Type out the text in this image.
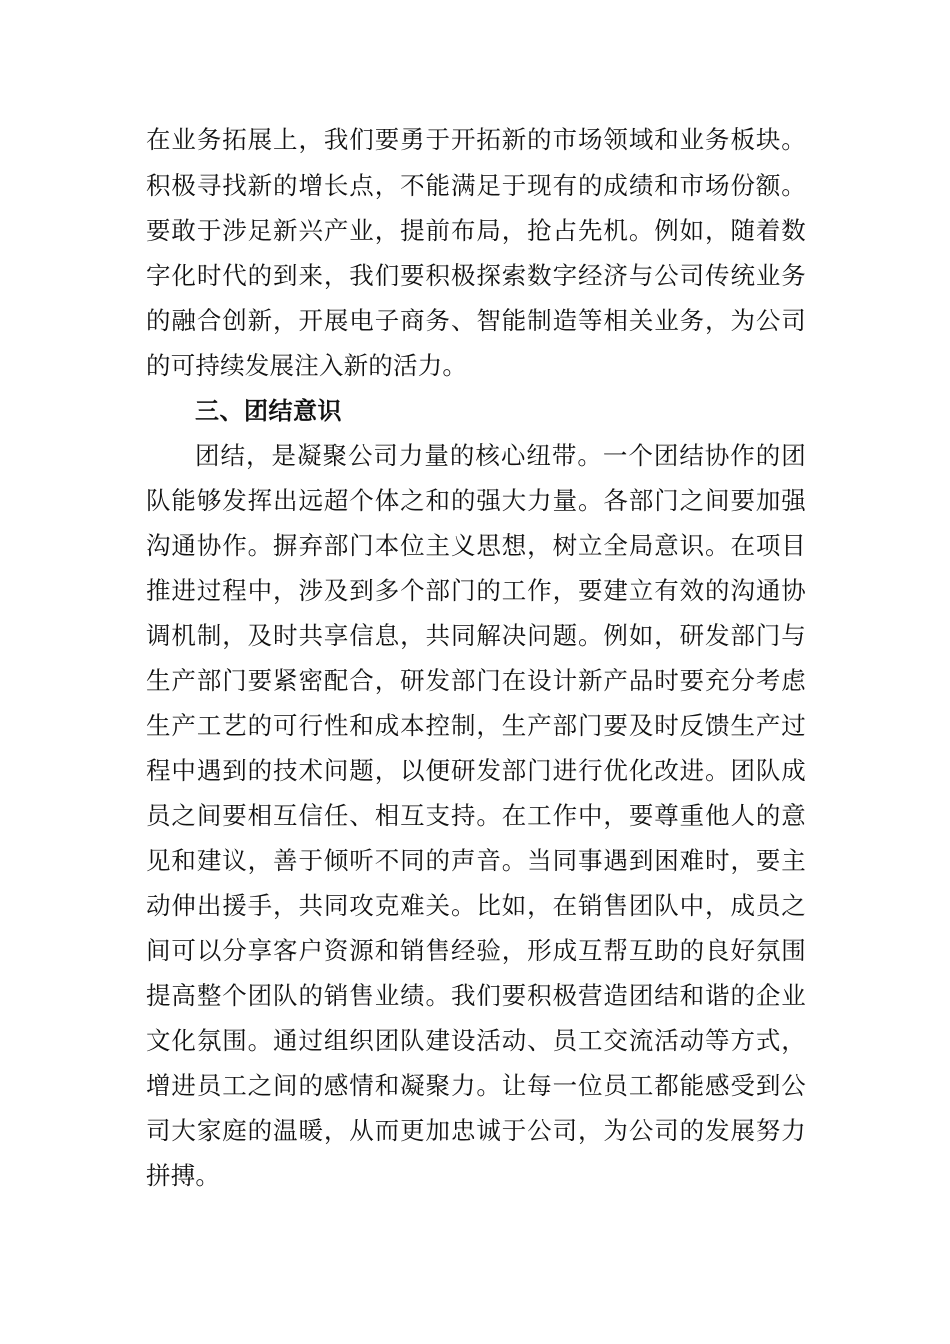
在业务拓展上，我们要勇于开拓新的市场领域和业务板块。
积极寻找新的增长点，不能满足于现有的成绩和市场份额。
要敢于涉足新兴产业，提前布局，抢占先机。例如，随着数
字化时代的到来，我们要积极探索数字经济与公司传统业务
的融合创新，开展电子商务、智能制造等相关业务，为公司
的可持续发展注入新的活力。
三、团结意识
团结，是凝聚公司力量的核心纽带。一个团结协作的团
队能够发挥出远超个体之和的强大力量。各部门之间要加强
沟通协作。摒弃部门本位主义思想，树立全局意识。在项目
推进过程中，涉及到多个部门的工作，要建立有效的沟通协
调机制，及时共享信息，共同解决问题。例如，研发部门与
生产部门要紧密配合，研发部门在设计新产品时要充分考虑
生产工艺的可行性和成本控制，生产部门要及时反馈生产过
程中遇到的技术问题，以便研发部门进行优化改进。团队成
员之间要相互信任、相互支持。在工作中，要尊重他人的意
见和建议，善于倾听不同的声音。当同事遇到困难时，要主
动伸出援手，共同攻克难关。比如，在销售团队中，成员之
间可以分享客户资源和销售经验，形成互帮互助的良好氛围
提高整个团队的销售业绩。我们要积极营造团结和谐的企业
文化氛围。通过组织团队建设活动、员工交流活动等方式，
增进员工之间的感情和凝聚力。让每一位员工都能感受到公
司大家庭的温暖，从而更加忠诚于公司，为公司的发展努力
拼搏。
